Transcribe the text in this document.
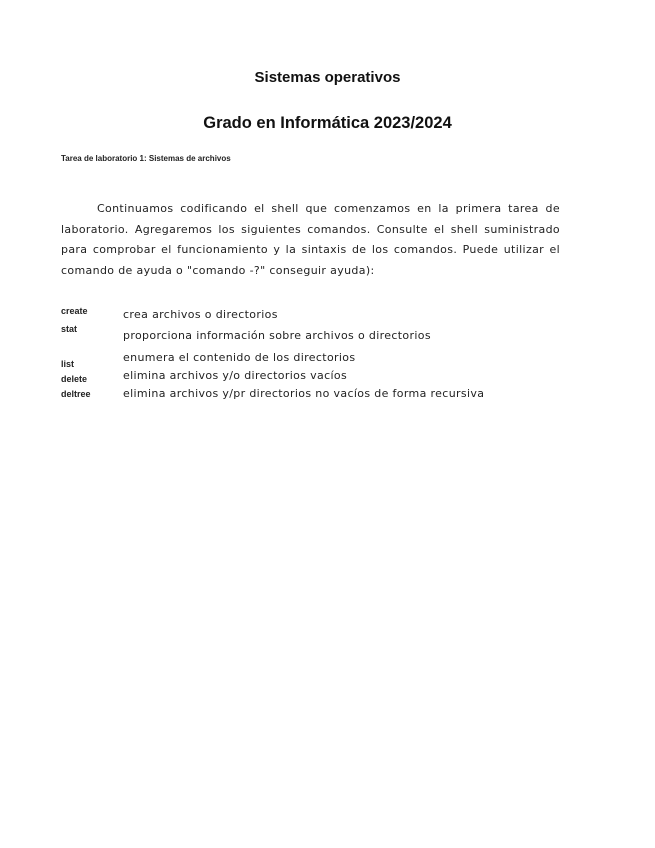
Sistemas operativos
Grado en Informática 2023/2024
Tarea de laboratorio 1: Sistemas de archivos
Continuamos codificando el shell que comenzamos en la primera tarea de laboratorio. Agregaremos los siguientes comandos. Consulte el shell suministrado para comprobar el funcionamiento y la sintaxis de los comandos. Puede utilizar el comando de ayuda o "comando -?" conseguir ayuda):
create	crea archivos o directorios
stat	proporciona información sobre archivos o directorios
list	enumera el contenido de los directorios
delete	elimina archivos y/o directorios vacíos
deltree	elimina archivos y/pr directorios no vacíos de forma recursiva
